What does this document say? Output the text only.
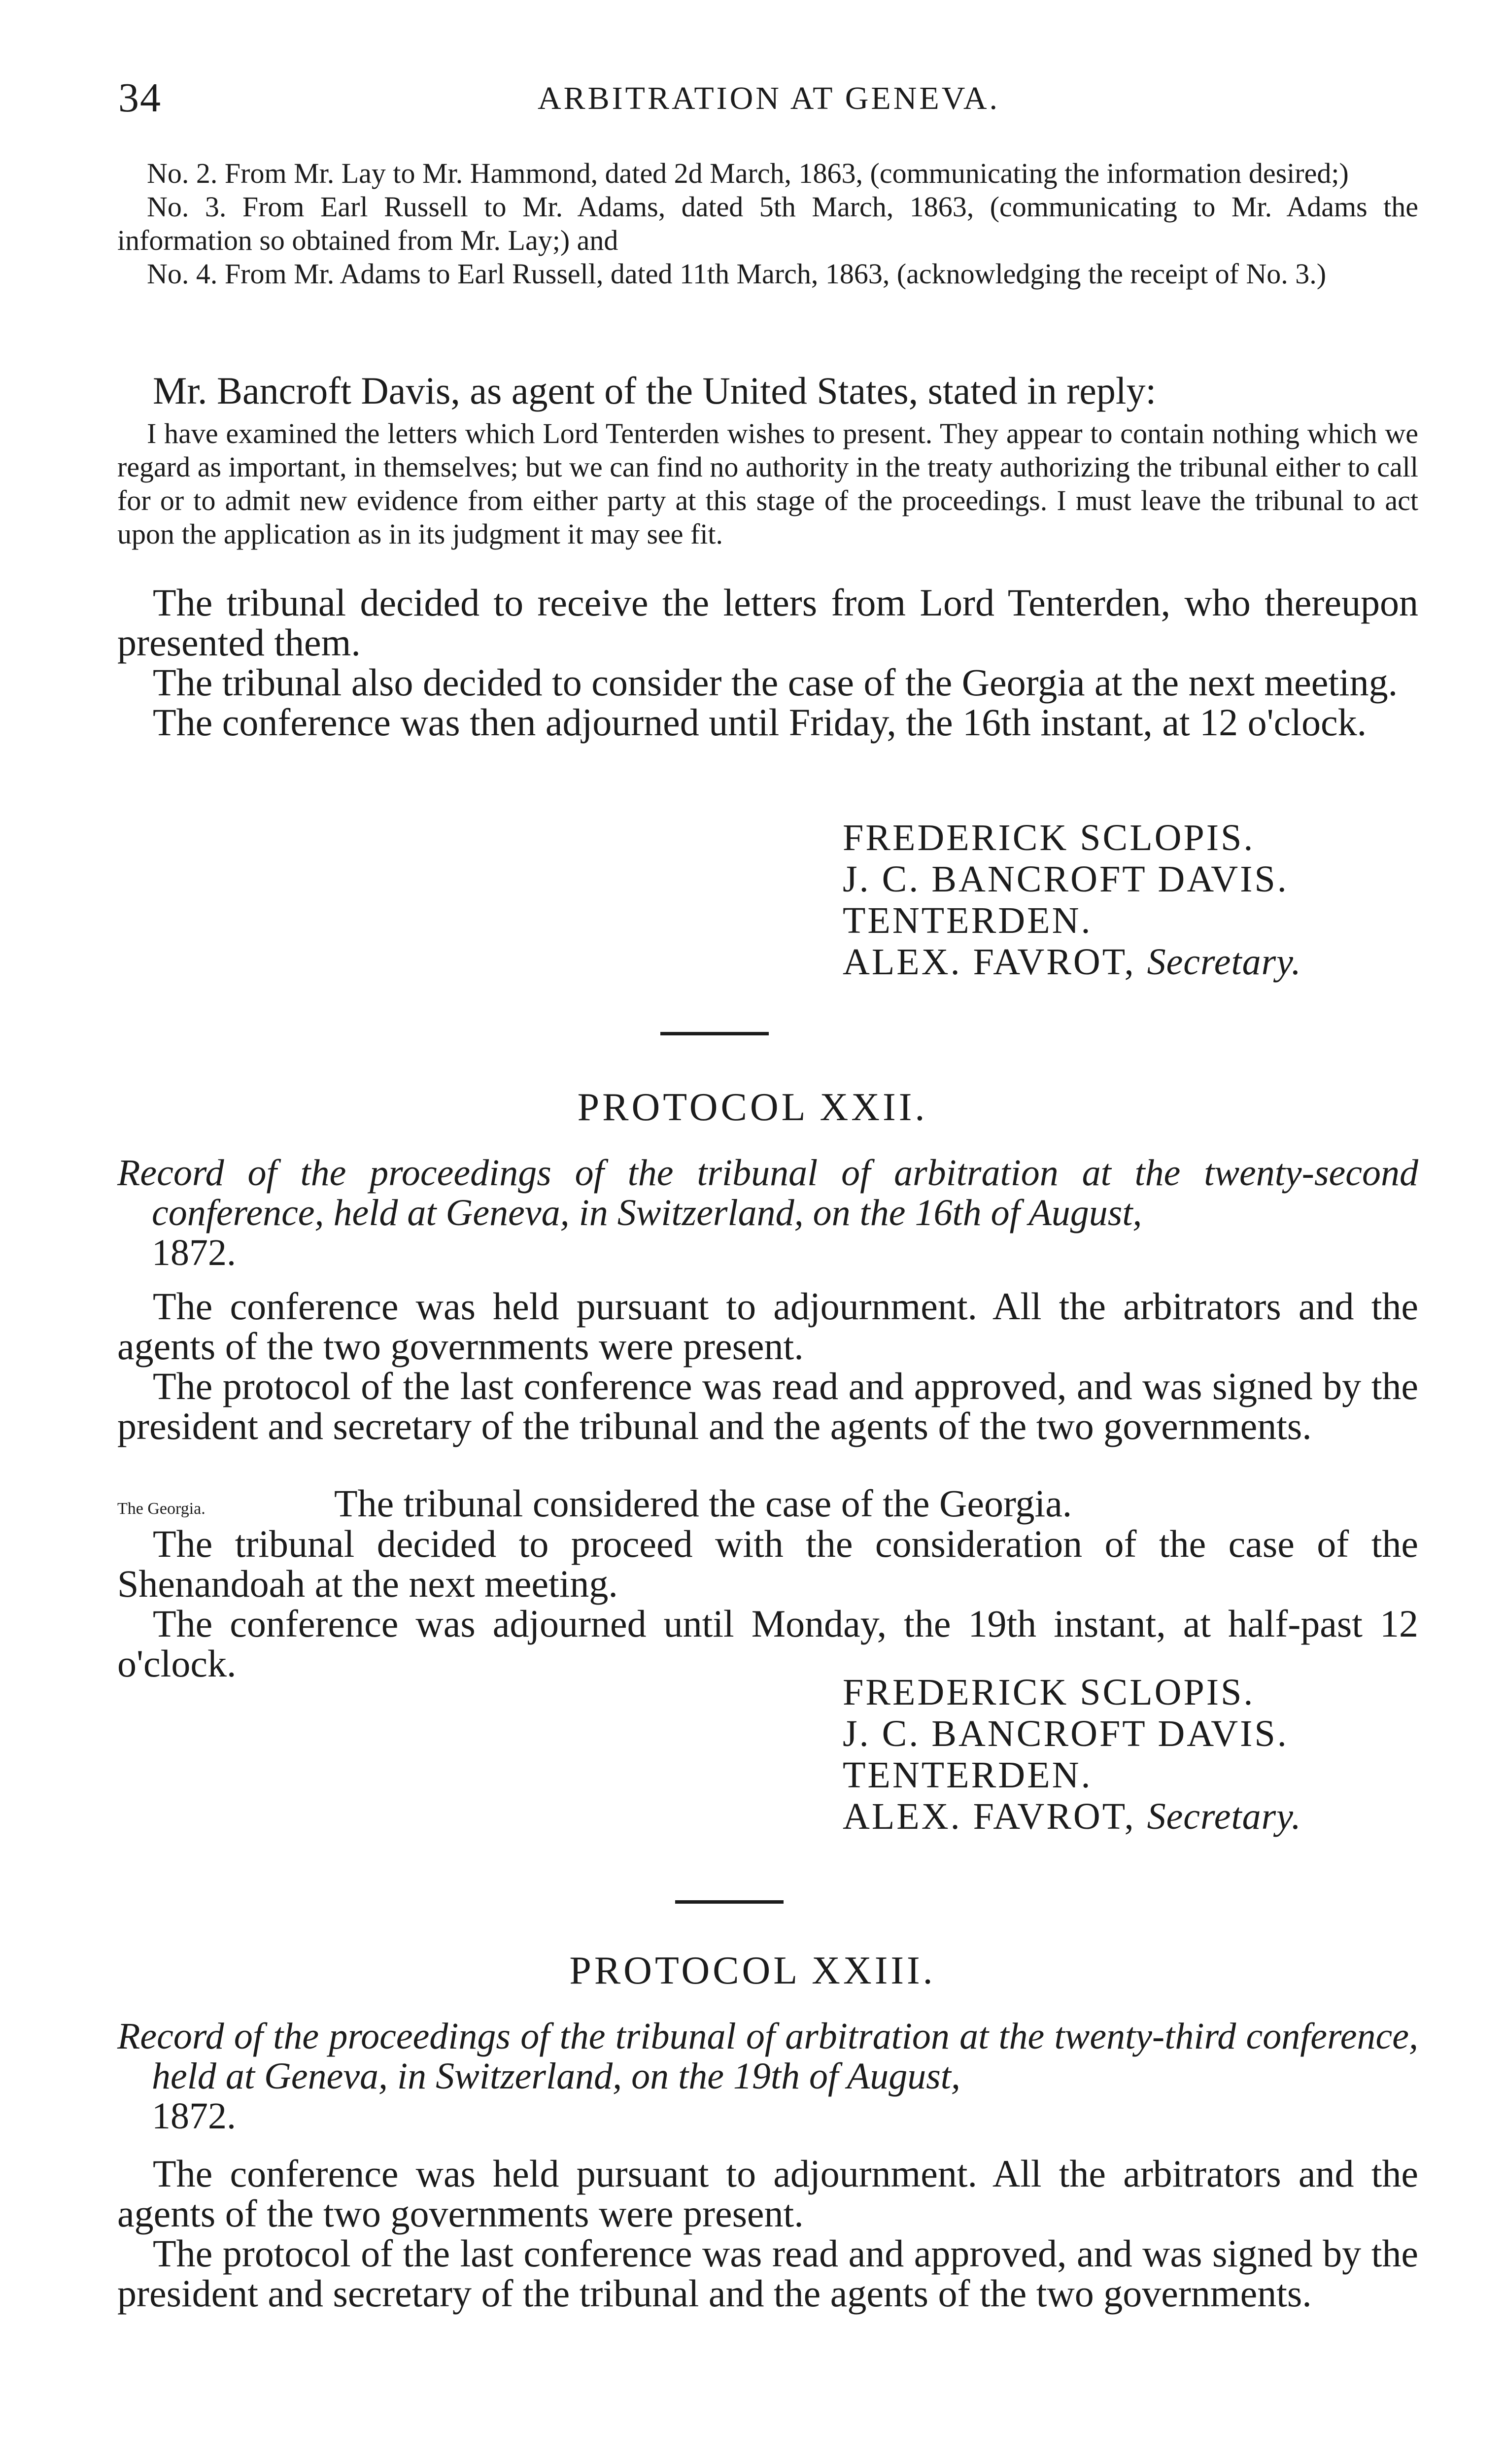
34	ARBITRATION AT GENEVA.

No. 2. From Mr. Lay to Mr. Hammond, dated 2d March, 1863, (communicating the information desired;)

No. 3. From Earl Russell to Mr. Adams, dated 5th March, 1863, (communicating to Mr. Adams the information so obtained from Mr. Lay;) and

No. 4. From Mr. Adams to Earl Russell, dated 11th March, 1863, (acknowledging the receipt of No. 3.)

Mr. Bancroft Davis, as agent of the United States, stated in reply:

I have examined the letters which Lord Tenterden wishes to present. They appear to contain nothing which we regard as important, in themselves; but we can find no authority in the treaty authorizing the tribunal either to call for or to admit new evidence from either party at this stage of the proceedings. I must leave the tribunal to act upon the application as in its judgment it may see fit.

The tribunal decided to receive the letters from Lord Tenterden, who thereupon presented them.

The tribunal also decided to consider the case of the Georgia at the next meeting.

The conference was then adjourned until Friday, the 16th instant, at 12 o'clock.

FREDERICK SCLOPIS.
J. C. BANCROFT DAVIS.
TENTERDEN.
ALEX. FAVROT, Secretary.
PROTOCOL XXII.
Record of the proceedings of the tribunal of arbitration at the twenty-second conference, held at Geneva, in Switzerland, on the 16th of August,
1872.

The conference was held pursuant to adjournment. All the arbitrators and the agents of the two governments were present.

The protocol of the last conference was read and approved, and was signed by the president and secretary of the tribunal and the agents of the two governments.

The Georgia.	The tribunal considered the case of the Georgia.

The tribunal decided to proceed with the consideration of the case of the Shenandoah at the next meeting.

The conference was adjourned until Monday, the 19th instant, at half-past 12 o'clock.

FREDERICK SCLOPIS.
J. C. BANCROFT DAVIS.
TENTERDEN.
ALEX. FAVROT, Secretary.
PROTOCOL XXIII.
Record of the proceedings of the tribunal of arbitration at the twenty-third conference, held at Geneva, in Switzerland, on the 19th of August,
1872.

The conference was held pursuant to adjournment. All the arbitrators and the agents of the two governments were present.

The protocol of the last conference was read and approved, and was signed by the president and secretary of the tribunal and the agents of the two governments.
